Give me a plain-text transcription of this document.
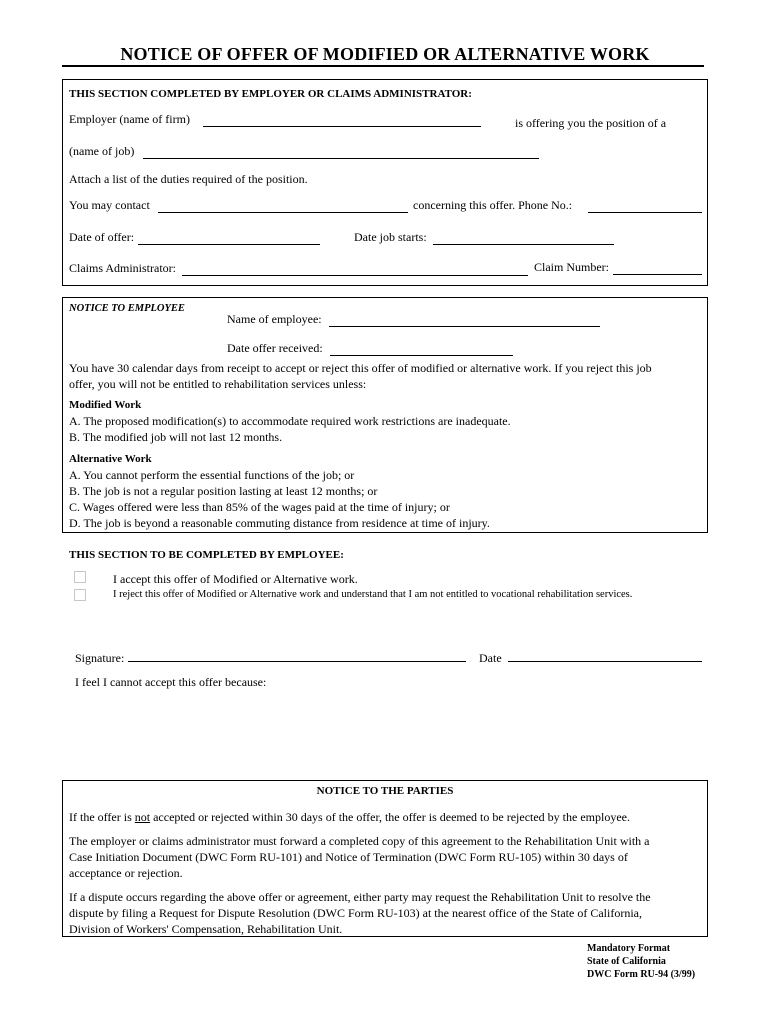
NOTICE OF OFFER OF MODIFIED OR ALTERNATIVE WORK
THIS SECTION COMPLETED BY EMPLOYER OR CLAIMS ADMINISTRATOR:
Employer (name of firm)	is offering you the position of a
(name of job)
Attach a list of the duties required of the position.
You may contact	concerning this offer. Phone No.:
Date of offer:	Date job starts:
Claims Administrator:	Claim Number:
NOTICE TO EMPLOYEE
Name of employee:
Date offer received:
You have 30 calendar days from receipt to accept or reject this offer of modified or alternative work. If you reject this job
offer, you will not be entitled to rehabilitation services unless:
Modified Work
A. The proposed modification(s) to accommodate required work restrictions are inadequate.
B. The modified job will not last 12 months.
Alternative Work
A. You cannot perform the essential functions of the job; or
B. The job is not a regular position lasting at least 12 months; or
C. Wages offered were less than 85% of the wages paid at the time of injury; or
D. The job is beyond a reasonable commuting distance from residence at time of injury.
THIS SECTION TO BE COMPLETED BY EMPLOYEE:
I accept this offer of Modified or Alternative work.
I reject this offer of Modified or Alternative work and understand that I am not entitled to vocational rehabilitation services.
Signature:	Date
I feel I cannot accept this offer because:
NOTICE TO THE PARTIES
If the offer is not accepted or rejected within 30 days of the offer, the offer is deemed to be rejected by the employee.
The employer or claims administrator must forward a completed copy of this agreement to the Rehabilitation Unit with a
Case Initiation Document (DWC Form RU-101) and Notice of Termination (DWC Form RU-105) within 30 days of
acceptance or rejection.
If a dispute occurs regarding the above offer or agreement, either party may request the Rehabilitation Unit to resolve the
dispute by filing a Request for Dispute Resolution (DWC Form RU-103) at the nearest office of the State of California,
Division of Workers' Compensation, Rehabilitation Unit.
Mandatory Format
State of California
DWC Form RU-94 (3/99)
